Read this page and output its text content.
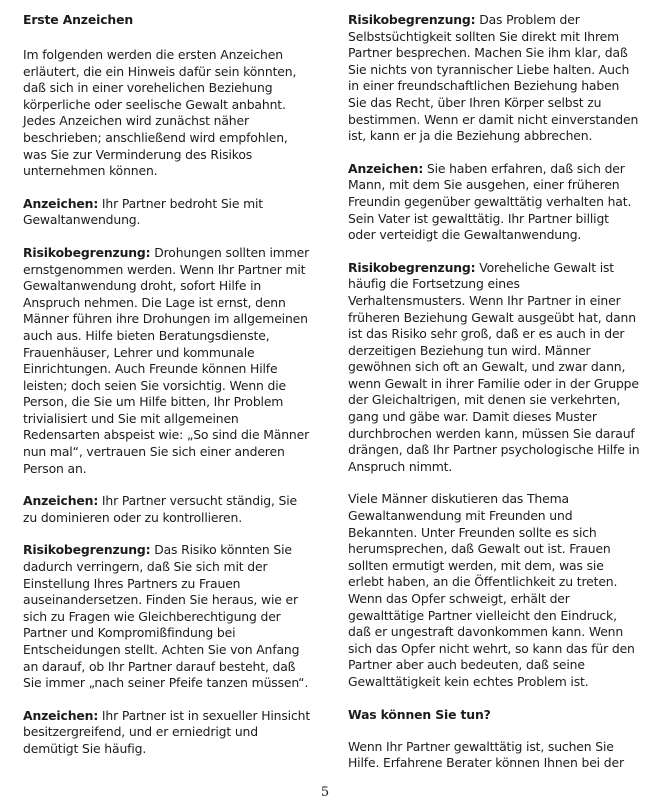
Erste Anzeichen

Im folgenden werden die ersten Anzeichen erläutert, die ein Hinweis dafür sein könnten, daß sich in einer vorehelichen Beziehung körperliche oder seelische Gewalt anbahnt. Jedes Anzeichen wird zunächst näher beschrieben; anschließend wird empfohlen, was Sie zur Verminderung des Risikos unternehmen können.

Anzeichen: Ihr Partner bedroht Sie mit Gewaltanwendung.

Risikobegrenzung: Drohungen sollten immer ernstgenommen werden. Wenn Ihr Partner mit Gewaltanwendung droht, sofort Hilfe in Anspruch nehmen. Die Lage ist ernst, denn Männer führen ihre Drohungen im allgemeinen auch aus. Hilfe bieten Beratungsdienste, Frauenhäuser, Lehrer und kommunale Einrichtungen. Auch Freunde können Hilfe leisten; doch seien Sie vorsichtig. Wenn die Person, die Sie um Hilfe bitten, Ihr Problem trivialisiert und Sie mit allgemeinen Redensarten abspeist wie: „So sind die Männer nun mal“, vertrauen Sie sich einer anderen Person an.

Anzeichen: Ihr Partner versucht ständig, Sie zu dominieren oder zu kontrollieren.

Risikobegrenzung: Das Risiko könnten Sie dadurch verringern, daß Sie sich mit der Einstellung Ihres Partners zu Frauen auseinandersetzen. Finden Sie heraus, wie er sich zu Fragen wie Gleichberechtigung der Partner und Kompromißfindung bei Entscheidungen stellt. Achten Sie von Anfang an darauf, ob Ihr Partner darauf besteht, daß Sie immer „nach seiner Pfeife tanzen müssen“.

Anzeichen: Ihr Partner ist in sexueller Hinsicht besitzergreifend, und er erniedrigt und demütigt Sie häufig.

Risikobegrenzung: Das Problem der Selbstsüchtigkeit sollten Sie direkt mit Ihrem Partner besprechen. Machen Sie ihm klar, daß Sie nichts von tyrannischer Liebe halten. Auch in einer freundschaftlichen Beziehung haben Sie das Recht, über Ihren Körper selbst zu bestimmen. Wenn er damit nicht einverstanden ist, kann er ja die Beziehung abbrechen.

Anzeichen: Sie haben erfahren, daß sich der Mann, mit dem Sie ausgehen, einer früheren Freundin gegenüber gewalttätig verhalten hat. Sein Vater ist gewalttätig. Ihr Partner billigt oder verteidigt die Gewaltanwendung.

Risikobegrenzung: Voreheliche Gewalt ist häufig die Fortsetzung eines Verhaltensmusters. Wenn Ihr Partner in einer früheren Beziehung Gewalt ausgeübt hat, dann ist das Risiko sehr groß, daß er es auch in der derzeitigen Beziehung tun wird. Männer gewöhnen sich oft an Gewalt, und zwar dann, wenn Gewalt in ihrer Familie oder in der Gruppe der Gleichaltrigen, mit denen sie verkehrten, gang und gäbe war. Damit dieses Muster durchbrochen werden kann, müssen Sie darauf drängen, daß Ihr Partner psychologische Hilfe in Anspruch nimmt.

Viele Männer diskutieren das Thema Gewaltanwendung mit Freunden und Bekannten. Unter Freunden sollte es sich herumsprechen, daß Gewalt out ist. Frauen sollten ermutigt werden, mit dem, was sie erlebt haben, an die Öffentlichkeit zu treten. Wenn das Opfer schweigt, erhält der gewalttätige Partner vielleicht den Eindruck, daß er ungestraft davonkommen kann. Wenn sich das Opfer nicht wehrt, so kann das für den Partner aber auch bedeuten, daß seine Gewalttätigkeit kein echtes Problem ist.

Was können Sie tun?

Wenn Ihr Partner gewalttätig ist, suchen Sie Hilfe. Erfahrene Berater können Ihnen bei der

5
